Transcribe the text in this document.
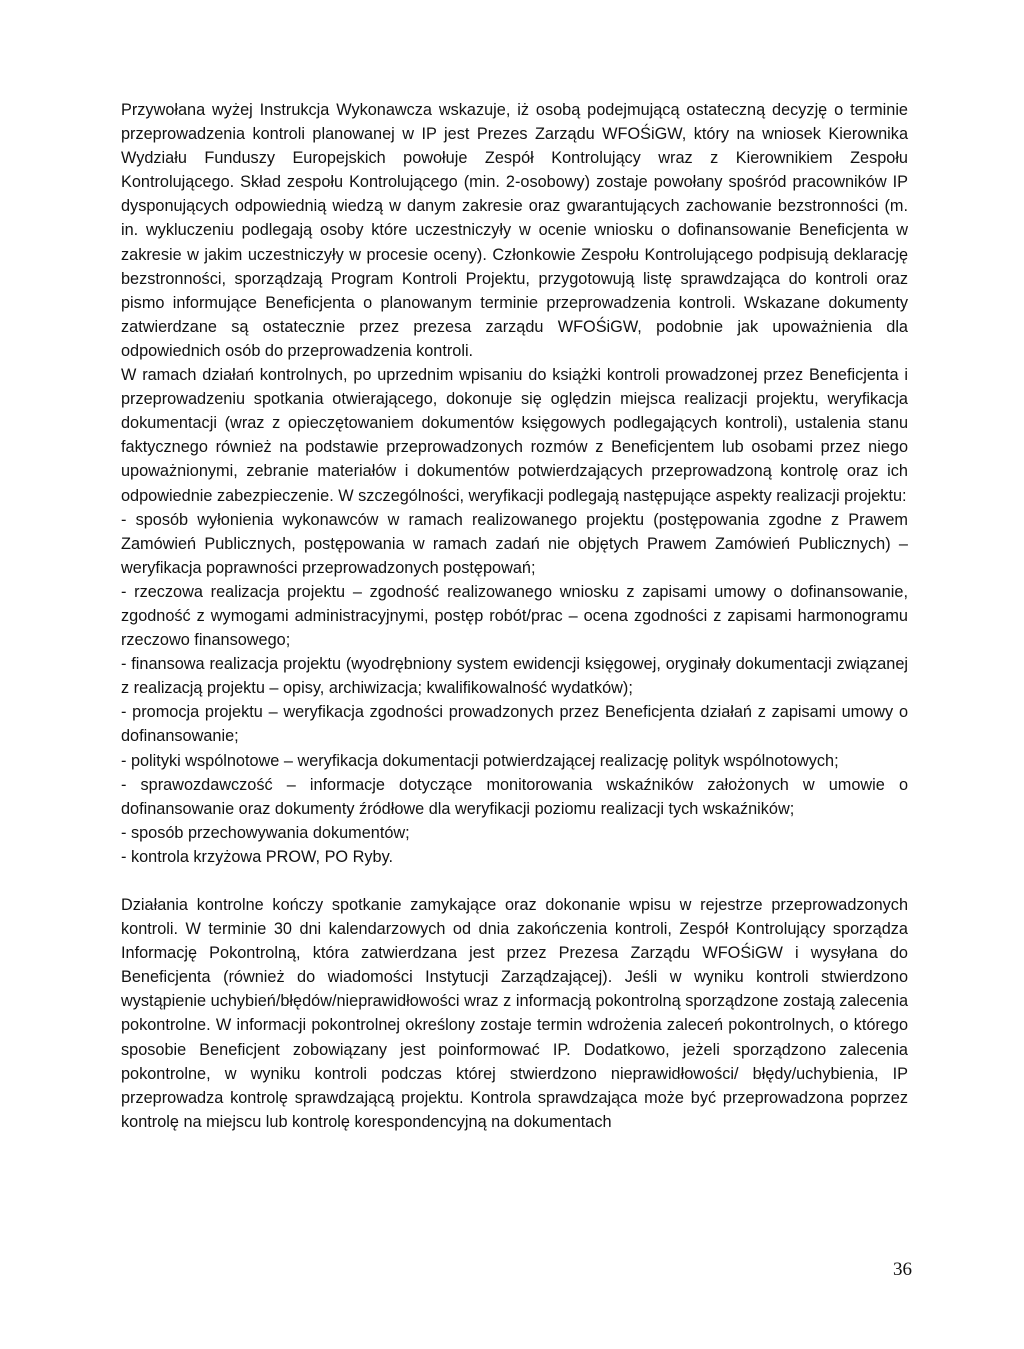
Przywołana wyżej Instrukcja Wykonawcza wskazuje, iż osobą podejmującą ostateczną decyzję o terminie przeprowadzenia kontroli planowanej w IP jest Prezes Zarządu WFOŚiGW, który na wniosek Kierownika Wydziału Funduszy Europejskich powołuje Zespół Kontrolujący wraz z Kierownikiem Zespołu Kontrolującego. Skład zespołu Kontrolującego (min. 2-osobowy) zostaje powołany spośród pracowników IP dysponujących odpowiednią wiedzą w danym zakresie oraz gwarantujących zachowanie bezstronności (m. in. wykluczeniu podlegają osoby które uczestniczyły w ocenie wniosku o dofinansowanie Beneficjenta w zakresie w jakim uczestniczyły w procesie oceny). Członkowie Zespołu Kontrolującego podpisują deklarację bezstronności, sporządzają Program Kontroli Projektu, przygotowują listę sprawdzająca do kontroli oraz pismo informujące Beneficjenta o planowanym terminie przeprowadzenia kontroli. Wskazane dokumenty zatwierdzane są ostatecznie przez prezesa zarządu WFOŚiGW, podobnie jak upoważnienia dla odpowiednich osób do przeprowadzenia kontroli.

W ramach działań kontrolnych, po uprzednim wpisaniu do książki kontroli prowadzonej przez Beneficjenta i przeprowadzeniu spotkania otwierającego, dokonuje się oględzin miejsca realizacji projektu, weryfikacja dokumentacji (wraz z opieczętowaniem dokumentów księgowych podlegających kontroli), ustalenia stanu faktycznego również na podstawie przeprowadzonych rozmów z Beneficjentem lub osobami przez niego upoważnionymi, zebranie materiałów i dokumentów potwierdzających przeprowadzoną kontrolę oraz ich odpowiednie zabezpieczenie. W szczególności, weryfikacji podlegają następujące aspekty realizacji projektu:

- sposób wyłonienia wykonawców w ramach realizowanego projektu (postępowania zgodne z Prawem Zamówień Publicznych, postępowania w ramach zadań nie objętych Prawem Zamówień Publicznych) – weryfikacja poprawności przeprowadzonych postępowań;

- rzeczowa realizacja projektu – zgodność realizowanego wniosku z zapisami umowy o dofinansowanie, zgodność z wymogami administracyjnymi, postęp robót/prac – ocena zgodności z zapisami harmonogramu rzeczowo finansowego;

- finansowa realizacja projektu (wyodrębniony system ewidencji księgowej, oryginały dokumentacji związanej z realizacją projektu – opisy, archiwizacja; kwalifikowalność wydatków);

- promocja projektu – weryfikacja zgodności prowadzonych przez Beneficjenta działań z zapisami umowy o dofinansowanie;

- polityki wspólnotowe – weryfikacja dokumentacji potwierdzającej realizację polityk wspólnotowych;

- sprawozdawczość – informacje dotyczące monitorowania wskaźników założonych w umowie o dofinansowanie oraz dokumenty źródłowe dla weryfikacji poziomu realizacji tych wskaźników;

- sposób przechowywania dokumentów;

- kontrola krzyżowa PROW, PO Ryby.

Działania kontrolne kończy spotkanie zamykające oraz dokonanie wpisu w rejestrze przeprowadzonych kontroli. W terminie 30 dni kalendarzowych od dnia zakończenia kontroli, Zespół Kontrolujący sporządza Informację Pokontrolną, która zatwierdzana jest przez Prezesa Zarządu WFOŚiGW i wysyłana do Beneficjenta (również do wiadomości Instytucji Zarządzającej). Jeśli w wyniku kontroli stwierdzono wystąpienie uchybień/błędów/nieprawidłowości wraz z informacją pokontrolną sporządzone zostają zalecenia pokontrolne. W informacji pokontrolnej określony zostaje termin wdrożenia zaleceń pokontrolnych, o którego sposobie Beneficjent zobowiązany jest poinformować IP. Dodatkowo, jeżeli sporządzono zalecenia pokontrolne, w wyniku kontroli podczas której stwierdzono nieprawidłowości/ błędy/uchybienia, IP przeprowadza kontrolę sprawdzającą projektu. Kontrola sprawdzająca może być przeprowadzona poprzez kontrolę na miejscu lub kontrolę korespondencyjną na dokumentach

36
